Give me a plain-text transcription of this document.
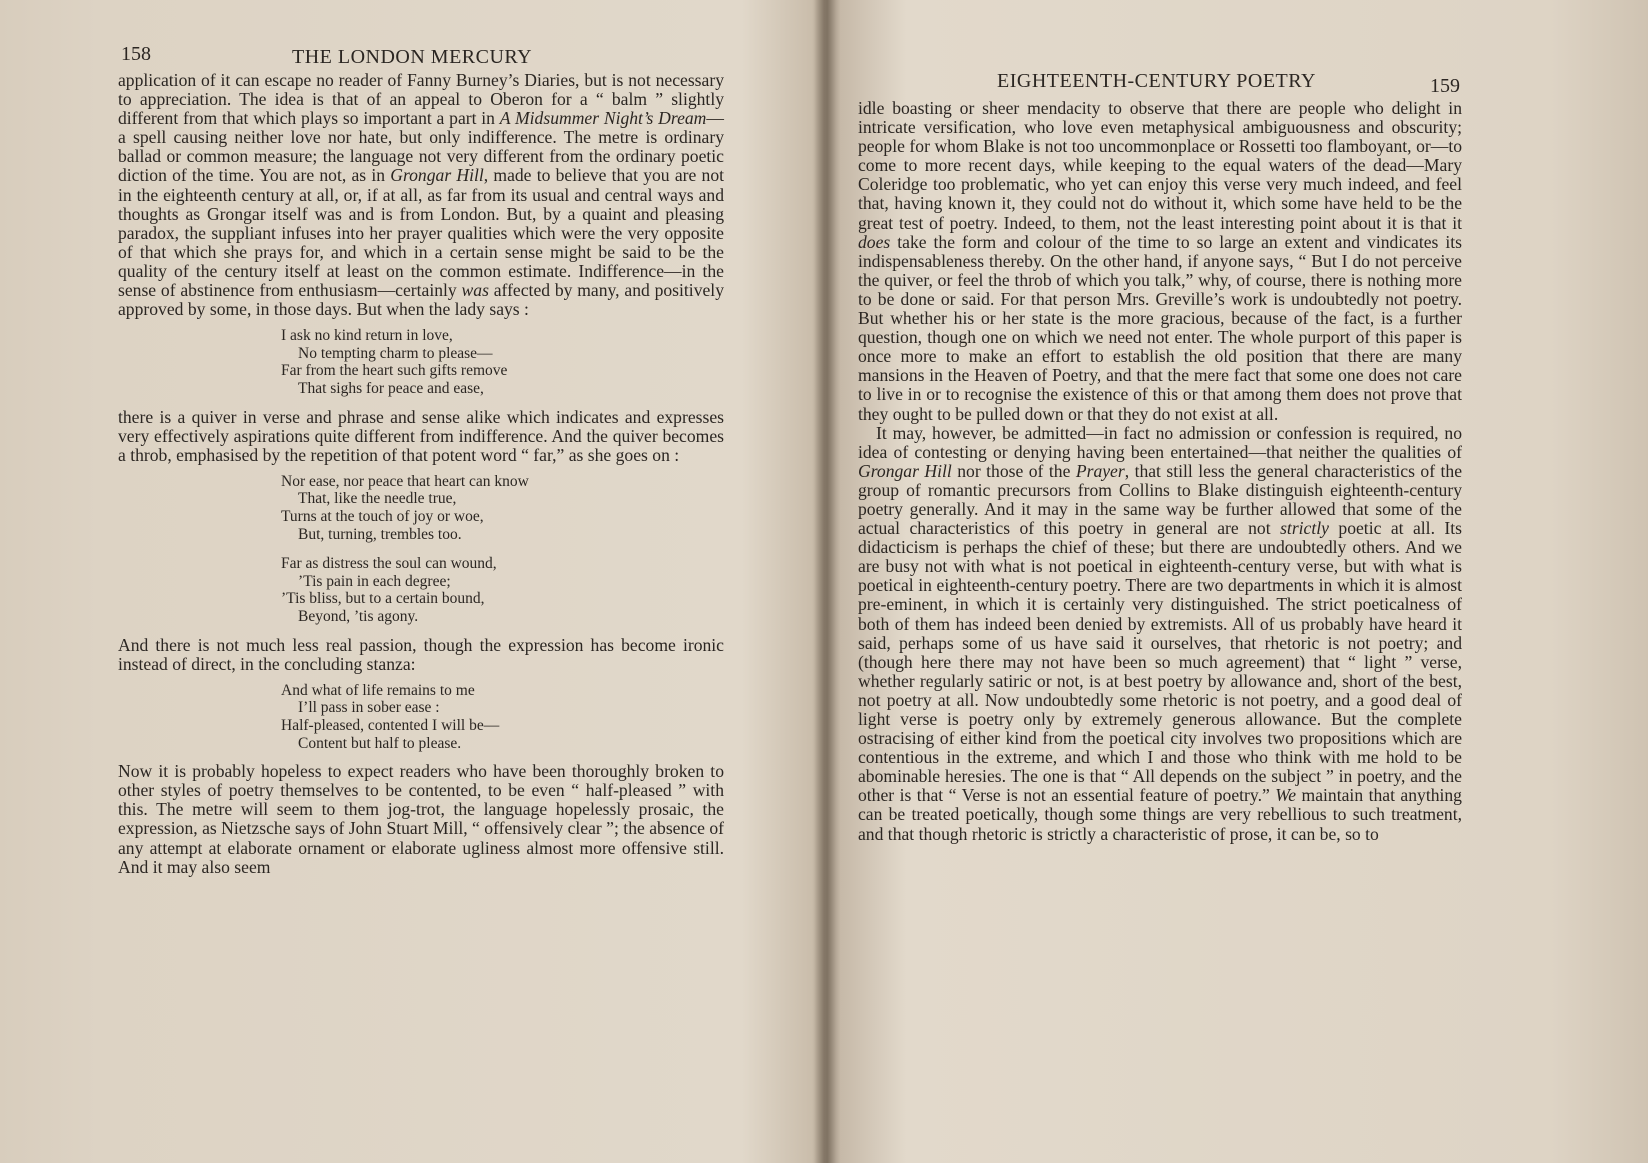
158	THE LONDON MERCURY

application of it can escape no reader of Fanny Burney’s Diaries, but is not necessary to appreciation. The idea is that of an appeal to Oberon for a “ balm ” slightly different from that which plays so important a part in A Midsummer Night’s Dream—a spell causing neither love nor hate, but only indifference. The metre is ordinary ballad or common measure; the language not very different from the ordinary poetic diction of the time. You are not, as in Grongar Hill, made to believe that you are not in the eighteenth century at all, or, if at all, as far from its usual and central ways and thoughts as Grongar itself was and is from London. But, by a quaint and pleasing paradox, the suppliant infuses into her prayer qualities which were the very opposite of that which she prays for, and which in a certain sense might be said to be the quality of the century itself at least on the common estimate. Indifference—in the sense of abstinence from enthusiasm—certainly was affected by many, and positively approved by some, in those days. But when the lady says :

I ask no kind return in love,
No tempting charm to please—
Far from the heart such gifts remove
That sighs for peace and ease,

there is a quiver in verse and phrase and sense alike which indicates and expresses very effectively aspirations quite different from indifference. And the quiver becomes a throb, emphasised by the repetition of that potent word “ far,” as she goes on :

Nor ease, nor peace that heart can know
That, like the needle true,
Turns at the touch of joy or woe,
But, turning, trembles too.
Far as distress the soul can wound,
’Tis pain in each degree;
’Tis bliss, but to a certain bound,
Beyond, ’tis agony.

And there is not much less real passion, though the expression has become ironic instead of direct, in the concluding stanza:

And what of life remains to me
I’ll pass in sober ease :
Half-pleased, contented I will be—
Content but half to please.

Now it is probably hopeless to expect readers who have been thoroughly broken to other styles of poetry themselves to be contented, to be even “ half-pleased ” with this. The metre will seem to them jog-trot, the language hopelessly prosaic, the expression, as Nietzsche says of John Stuart Mill, “ offensively clear ”; the absence of any attempt at elaborate ornament or elaborate ugliness almost more offensive still. And it may also seem

EIGHTEENTH-CENTURY POETRY	159

idle boasting or sheer mendacity to observe that there are people who delight in intricate versification, who love even metaphysical ambiguousness and obscurity; people for whom Blake is not too uncommonplace or Rossetti too flamboyant, or—to come to more recent days, while keeping to the equal waters of the dead—Mary Coleridge too problematic, who yet can enjoy this verse very much indeed, and feel that, having known it, they could not do without it, which some have held to be the great test of poetry. Indeed, to them, not the least interesting point about it is that it does take the form and colour of the time to so large an extent and vindicates its indispensableness thereby. On the other hand, if anyone says, “ But I do not perceive the quiver, or feel the throb of which you talk,” why, of course, there is nothing more to be done or said. For that person Mrs. Greville’s work is undoubtedly not poetry. But whether his or her state is the more gracious, because of the fact, is a further question, though one on which we need not enter. The whole purport of this paper is once more to make an effort to establish the old position that there are many mansions in the Heaven of Poetry, and that the mere fact that some one does not care to live in or to recognise the existence of this or that among them does not prove that they ought to be pulled down or that they do not exist at all.

It may, however, be admitted—in fact no admission or confession is required, no idea of contesting or denying having been entertained—that neither the qualities of Grongar Hill nor those of the Prayer, that still less the general characteristics of the group of romantic precursors from Collins to Blake distinguish eighteenth-century poetry generally. And it may in the same way be further allowed that some of the actual characteristics of this poetry in general are not strictly poetic at all. Its didacticism is perhaps the chief of these; but there are undoubtedly others. And we are busy not with what is not poetical in eighteenth-century verse, but with what is poetical in eighteenth-century poetry. There are two departments in which it is almost pre-eminent, in which it is certainly very distinguished. The strict poeticalness of both of them has indeed been denied by extremists. All of us probably have heard it said, perhaps some of us have said it ourselves, that rhetoric is not poetry; and (though here there may not have been so much agreement) that “ light ” verse, whether regularly satiric or not, is at best poetry by allowance and, short of the best, not poetry at all. Now undoubtedly some rhetoric is not poetry, and a good deal of light verse is poetry only by extremely generous allowance. But the complete ostracising of either kind from the poetical city involves two propositions which are contentious in the extreme, and which I and those who think with me hold to be abominable heresies. The one is that “ All depends on the subject ” in poetry, and the other is that “ Verse is not an essential feature of poetry.” We maintain that anything can be treated poetically, though some things are very rebellious to such treatment, and that though rhetoric is strictly a characteristic of prose, it can be, so to
